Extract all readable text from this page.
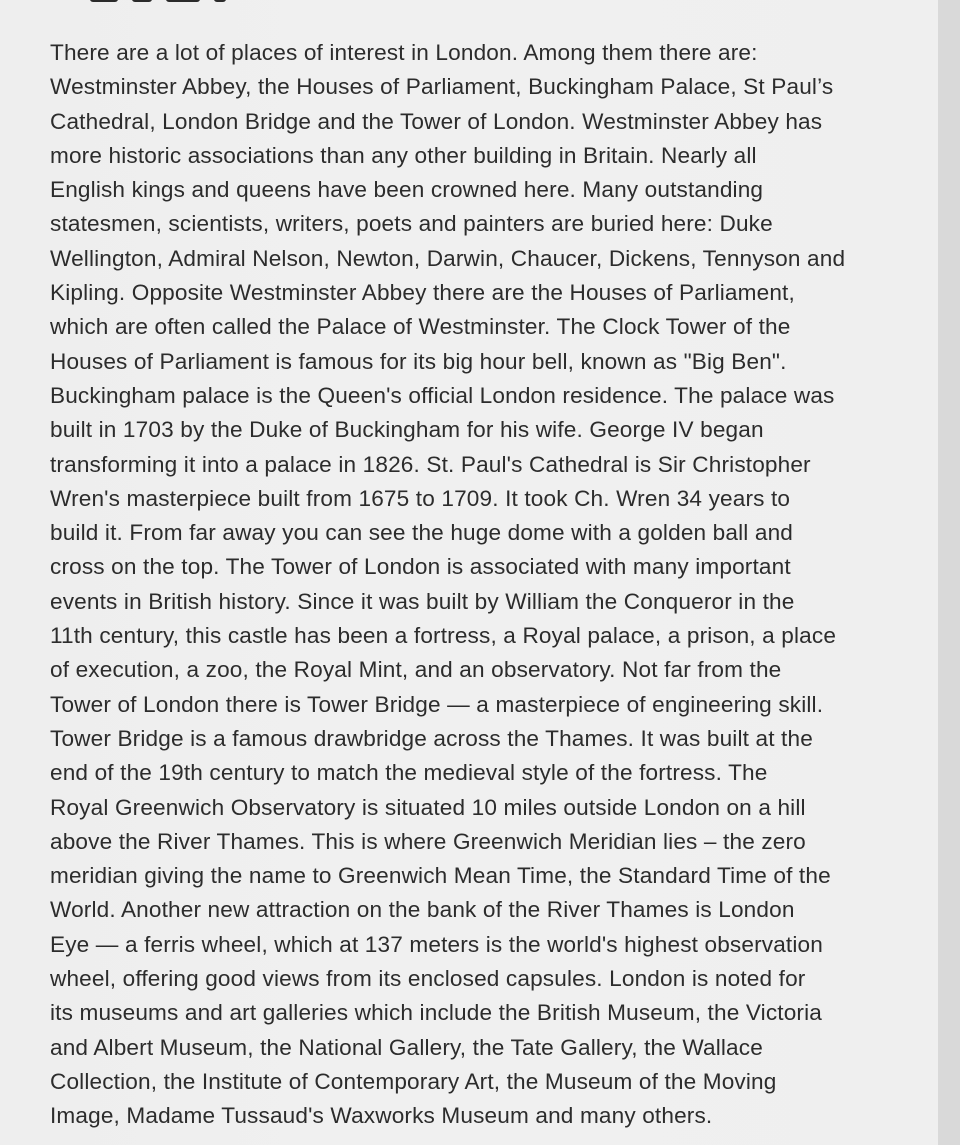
There are a lot of places of interest in London. Among them there are:
Westminster Abbey, the Houses of Parliament, Buckingham Palace, St Paul’s
Cathedral, London Bridge and the Tower of London. Westminster Abbey has
more historic associations than any other building in Britain. Nearly all
English kings and queens have been crowned here. Many outstanding
statesmen, scientists, writers, poets and painters are buried here: Duke
Wellington, Admiral Nelson, Newton, Darwin, Chaucer, Dickens, Tennyson and
Kipling. Opposite Westminster Abbey there are the Houses of Parliament,
which are often called the Palace of Westminster. The Clock Tower of the
Houses of Parliament is famous for its big hour bell, known as "Big Ben".
Buckingham palace is the Queen's official London residence. The palace was
built in 1703 by the Duke of Buckingham for his wife. George IV began
transforming it into a palace in 1826. St. Paul's Cathedral is Sir Christopher
Wren's masterpiece built from 1675 to 1709. It took Ch. Wren 34 years to
build it. From far away you can see the huge dome with a golden ball and
cross on the top. The Tower of London is associated with many important
events in British history. Since it was built by William the Conqueror in the
11th century, this castle has been a fortress, a Royal palace, a prison, a place
of execution, a zoo, the Royal Mint, and an observatory. Not far from the
Tower of London there is Tower Bridge — a masterpiece of engineering skill.
Tower Bridge is a famous drawbridge across the Thames. It was built at the
end of the 19th century to match the medieval style of the fortress. The
Royal Greenwich Observatory is situated 10 miles outside London on a hill
above the River Thames. This is where Greenwich Meridian lies – the zero
meridian giving the name to Greenwich Mean Time, the Standard Time of the
World. Another new attraction on the bank of the River Thames is London
Eye — a ferris wheel, which at 137 meters is the world's highest observation
wheel, offering good views from its enclosed capsules. London is noted for
its museums and art galleries which include the British Museum, the Victoria
and Albert Museum, the National Gallery, the Tate Gallery, the Wallace
Collection, the Institute of Contemporary Art, the Museum of the Moving
Image, Madame Tussaud's Waxworks Museum and many others.
